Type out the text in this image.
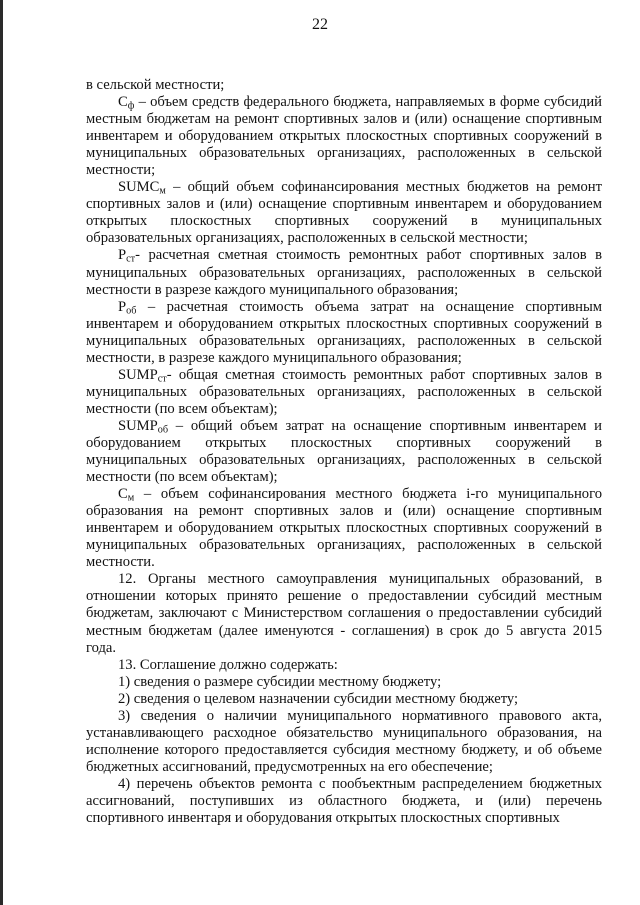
22

в сельской местности;

$С_ф$ – объем средств федерального бюджета, направляемых в форме субсидий местным бюджетам на ремонт спортивных залов и (или) оснащение спортивным инвентарем и оборудованием открытых плоскостных спортивных сооружений в муниципальных образовательных организациях, расположенных в сельской местности;

$SUMC_м$ – общий объем софинансирования местных бюджетов на ремонт спортивных залов и (или) оснащение спортивным инвентарем и оборудованием открытых плоскостных спортивных сооружений в муниципальных образовательных организациях, расположенных в сельской местности;

$Р_{ст}-$ расчетная сметная стоимость ремонтных работ спортивных залов в муниципальных образовательных организациях, расположенных в сельской местности в разрезе каждого муниципального образования;

$Р_{об}$ – расчетная стоимость объема затрат на оснащение спортивным инвентарем и оборудованием открытых плоскостных спортивных сооружений в муниципальных образовательных организациях, расположенных в сельской местности, в разрезе каждого муниципального образования;

$SUMP_{ст}-$ общая сметная стоимость ремонтных работ спортивных залов в муниципальных образовательных организациях, расположенных в сельской местности (по всем объектам);

$SUMP_{об}$ – общий объем затрат на оснащение спортивным инвентарем и оборудованием открытых плоскостных спортивных сооружений в муниципальных образовательных организациях, расположенных в сельской местности (по всем объектам);

$С_м$ – объем софинансирования местного бюджета i-го муниципального образования на ремонт спортивных залов и (или) оснащение спортивным инвентарем и оборудованием открытых плоскостных спортивных сооружений в муниципальных образовательных организациях, расположенных в сельской местности.

12. Органы местного самоуправления муниципальных образований, в отношении которых принято решение о предоставлении субсидий местным бюджетам, заключают с Министерством соглашения о предоставлении субсидий местным бюджетам (далее именуются - соглашения) в срок до 5 августа 2015 года.

13. Соглашение должно содержать:

1) сведения о размере субсидии местному бюджету;

2) сведения о целевом назначении субсидии местному бюджету;

3) сведения о наличии муниципального нормативного правового акта, устанавливающего расходное обязательство муниципального образования, на исполнение которого предоставляется субсидия местному бюджету, и об объеме бюджетных ассигнований, предусмотренных на его обеспечение;

4) перечень объектов ремонта с пообъектным распределением бюджетных ассигнований, поступивших из областного бюджета, и (или) перечень спортивного инвентаря и оборудования открытых плоскостных спортивных
